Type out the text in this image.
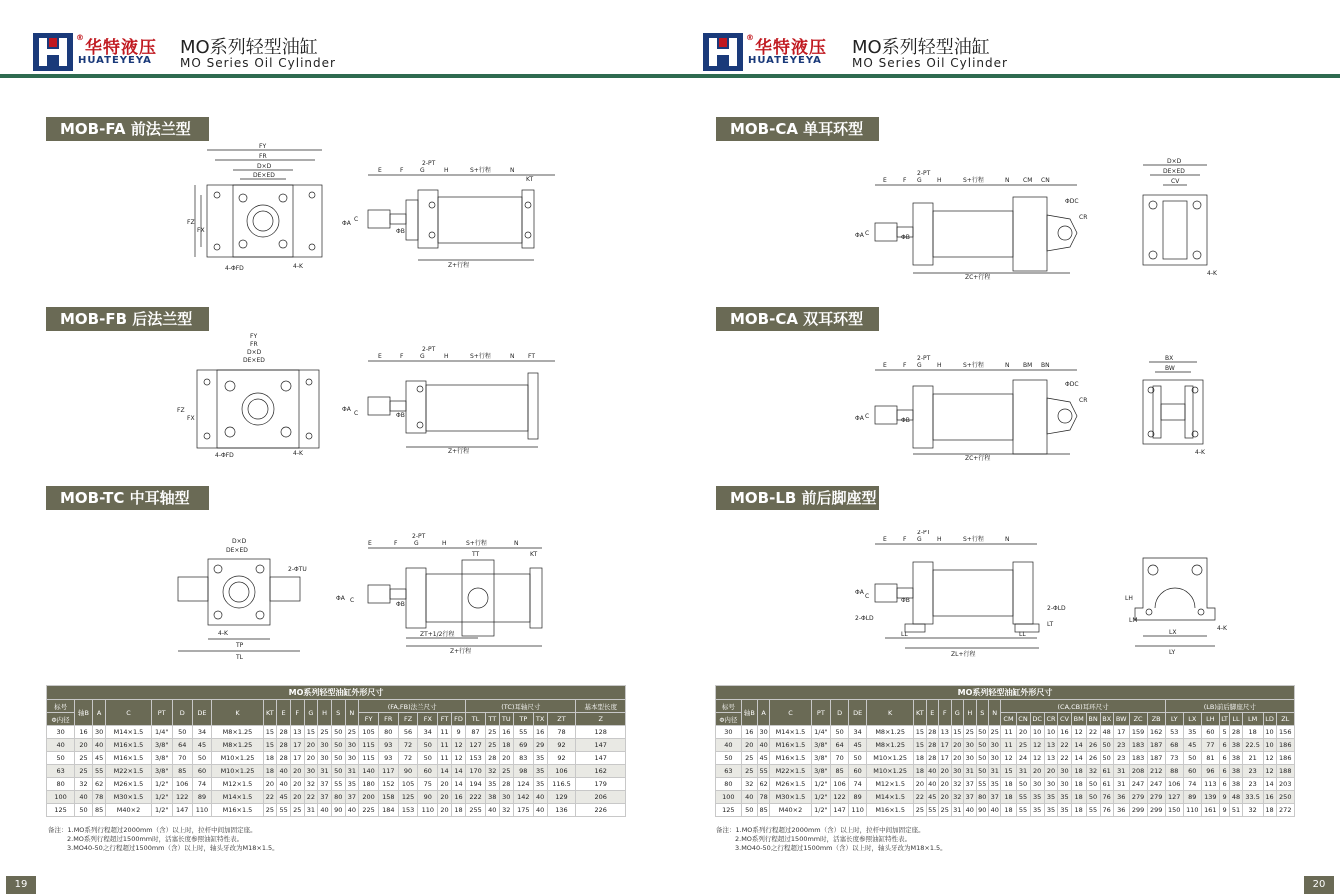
®华特液压
HUATEYEYA
MO系列轻型油缸
MO Series Oil Cylinder
MOB-FA 前法兰型
MOB-FB 后法兰型
MOB-TC 中耳轴型
FY
FR
D×D
DE×ED
FZ
FX
4-ΦFD	4-K
E	F
2-PT
G	H	S+行程	N
KT
ΦA
C
ΦB
Z+行程
FY
FR
D×D
DE×ED
FZ
FX
4-ΦFD	4-K
E	F
2-PT
G	H	S+行程	N FT
ΦA
C	ΦB
Z+行程
D×D
DE×ED
2-ΦTU
4-K
TP
TL
E	F
2-PT
G	H	S+行程
TT
N
KT
ΦA C
ΦB
ZT+1/2行程
Z+行程
MO系列轻型油缸外形尺寸																											
标号	轴B	A	C	PT	D	DE	K	KT	E	F	G	H	S	N	(FA,FB)法兰尺寸						(TC)耳轴尺寸						基本型长度
Φ内径															FY	FR	FZ	FX	FT	FD	TL	TT	TU	TP	TX	ZT	Z
30	16	30	M14×1.5	1/4"	50	34	M8×1.25	15	28	13	15	25	50	25	105	80	56	34	11	9	87	25	16	55	16	78	128
40	20	40	M16×1.5	3/8"	64	45	M8×1.25	15	28	17	20	30	50	30	115	93	72	50	11	12	127	25	18	69	29	92	147
50	25	45	M16×1.5	3/8"	70	50	M10×1.25	18	28	17	20	30	50	30	115	93	72	50	11	12	153	28	20	83	35	92	147
63	25	55	M22×1.5	3/8"	85	60	M10×1.25	18	40	20	30	31	50	31	140	117	90	60	14	14	170	32	25	98	35	106	162
80	32	62	M26×1.5	1/2"	106	74	M12×1.5	20	40	20	32	37	55	35	180	152	105	75	20	14	194	35	28	124	35	116.5	179
100	40	78	M30×1.5	1/2"	122	89	M14×1.5	22	45	20	22	37	80	37	200	158	125	90	20	16	222	38	30	142	40	129	206
125	50	85	M40×2	1/2"	147	110	M16×1.5	25	55	25	31	40	90	40	225	184	153	110	20	18	255	40	32	175	40	136	226
备注：1.MO系列行程超过2000mm（含）以上时，拉杆中间加固定座。
2.MO系列行程超过1500mm时，活塞长度参照油缸特性表。
3.MO40-50之行程超过1500mm（含）以上时，轴头牙改为M18×1.5。
19
®华特液压
HUATEYEYA
MO系列轻型油缸
MO Series Oil Cylinder
MOB-CA 单耳环型
MOB-CA 双耳环型
MOB-LB 前后脚座型
E	F
2-PT
G	H	S+行程	N CM CN
ΦDC
CR
ΦA C
ΦB
ZC+行程
D×D
DE×ED
CV
4-K
E	F
2-PT
G	H	S+行程	N BM BN
ΦDC
CR
ΦA C
ΦB
ZC+行程
BX
BW
4-K
E	F
2-PT
G	H	S+行程	N
ΦA
C
ΦB
2-ΦLD
2-ΦLD
LT
LL	LL
ZL+行程
LH
LM
4-K
LX
LY
MO系列轻型油缸外形尺寸																																	
标号	轴B	A	C	PT	D	DE	K	KT	E	F	G	H	S	N	(CA,CB)耳环尺寸											(LB)前后脚座尺寸							
Φ内径															CM	CN	DC	CR	CV	BM	BN	BX	BW	ZC	ZB	LY	LX	LH	LT	LL	LM	LD	ZL
30	16	30	M14×1.5	1/4"	50	34	M8×1.25	15	28	13	15	25	50	25	11	20	10	10	16	12	22	48	17	159	162	53	35	60	5	28	18	10	156
40	20	40	M16×1.5	3/8"	64	45	M8×1.25	15	28	17	20	30	50	30	11	25	12	13	22	14	26	50	23	183	187	68	45	77	6	38	22.5	10	186
50	25	45	M16×1.5	3/8"	70	50	M10×1.25	18	28	17	20	30	50	30	12	24	12	13	22	14	26	50	23	183	187	73	50	81	6	38	21	12	186
63	25	55	M22×1.5	3/8"	85	60	M10×1.25	18	40	20	30	31	50	31	15	31	20	20	30	18	32	61	31	208	212	88	60	96	6	38	23	12	188
80	32	62	M26×1.5	1/2"	106	74	M12×1.5	20	40	20	32	37	55	35	18	50	30	30	30	18	50	61	31	247	247	106	74	113	6	38	23	14	203
100	40	78	M30×1.5	1/2"	122	89	M14×1.5	22	45	20	32	37	80	37	18	55	35	35	35	18	50	76	36	279	279	127	89	139	9	48	33.5	16	250
125	50	85	M40×2	1/2"	147	110	M16×1.5	25	55	25	31	40	90	40	18	55	35	35	35	18	55	76	36	299	299	150	110	161	9	51	32	18	272
备注：1.MO系列行程超过2000mm（含）以上时，拉杆中间加固定座。
2.MO系列行程超过1500mm时，活塞长度参照油缸特性表。
3.MO40-50之行程超过1500mm（含）以上时，轴头牙改为M18×1.5。
20
